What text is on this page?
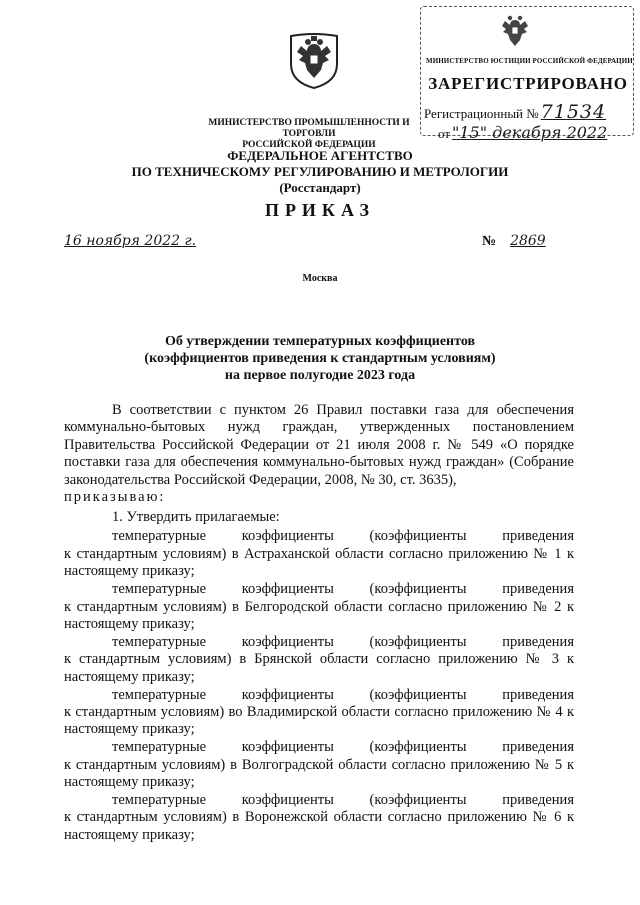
МИНИСТЕРСТВО ЮСТИЦИИ РОССИЙСКОЙ ФЕДЕРАЦИИ
ЗАРЕГИСТРИРОВАНО
Регистрационный № 71534
от "15" декабря 2022
МИНИСТЕРСТВО ПРОМЫШЛЕННОСТИ И ТОРГОВЛИ
РОССИЙСКОЙ ФЕДЕРАЦИИ
ФЕДЕРАЛЬНОЕ АГЕНТСТВО
ПО ТЕХНИЧЕСКОМУ РЕГУЛИРОВАНИЮ И МЕТРОЛОГИИ
(Росстандарт)
ПРИКАЗ
16 ноября 2022 г.	№ 2869
Москва
Об утверждении температурных коэффициентов
(коэффициентов приведения к стандартным условиям)
на первое полугодие 2023 года

В соответствии с пунктом 26 Правил поставки газа для обеспечения коммунально-бытовых нужд граждан, утвержденных постановлением Правительства Российской Федерации от 21 июля 2008 г. № 549 «О порядке поставки газа для обеспечения коммунально-бытовых нужд граждан» (Собрание законодательства Российской Федерации, 2008, № 30, ст. 3635),

приказываю:

1. Утвердить прилагаемые:

температурные коэффициенты (коэффициенты приведения
к стандартным условиям) в Астраханской области согласно приложению № 1 к настоящему приказу;
температурные коэффициенты (коэффициенты приведения
к стандартным условиям) в Белгородской области согласно приложению № 2 к настоящему приказу;
температурные коэффициенты (коэффициенты приведения
к стандартным условиям) в Брянской области согласно приложению № 3 к настоящему приказу;
температурные коэффициенты (коэффициенты приведения
к стандартным условиям) во Владимирской области согласно приложению № 4 к настоящему приказу;
температурные коэффициенты (коэффициенты приведения
к стандартным условиям) в Волгоградской области согласно приложению № 5 к настоящему приказу;
температурные коэффициенты (коэффициенты приведения
к стандартным условиям) в Воронежской области согласно приложению № 6 к настоящему приказу;
